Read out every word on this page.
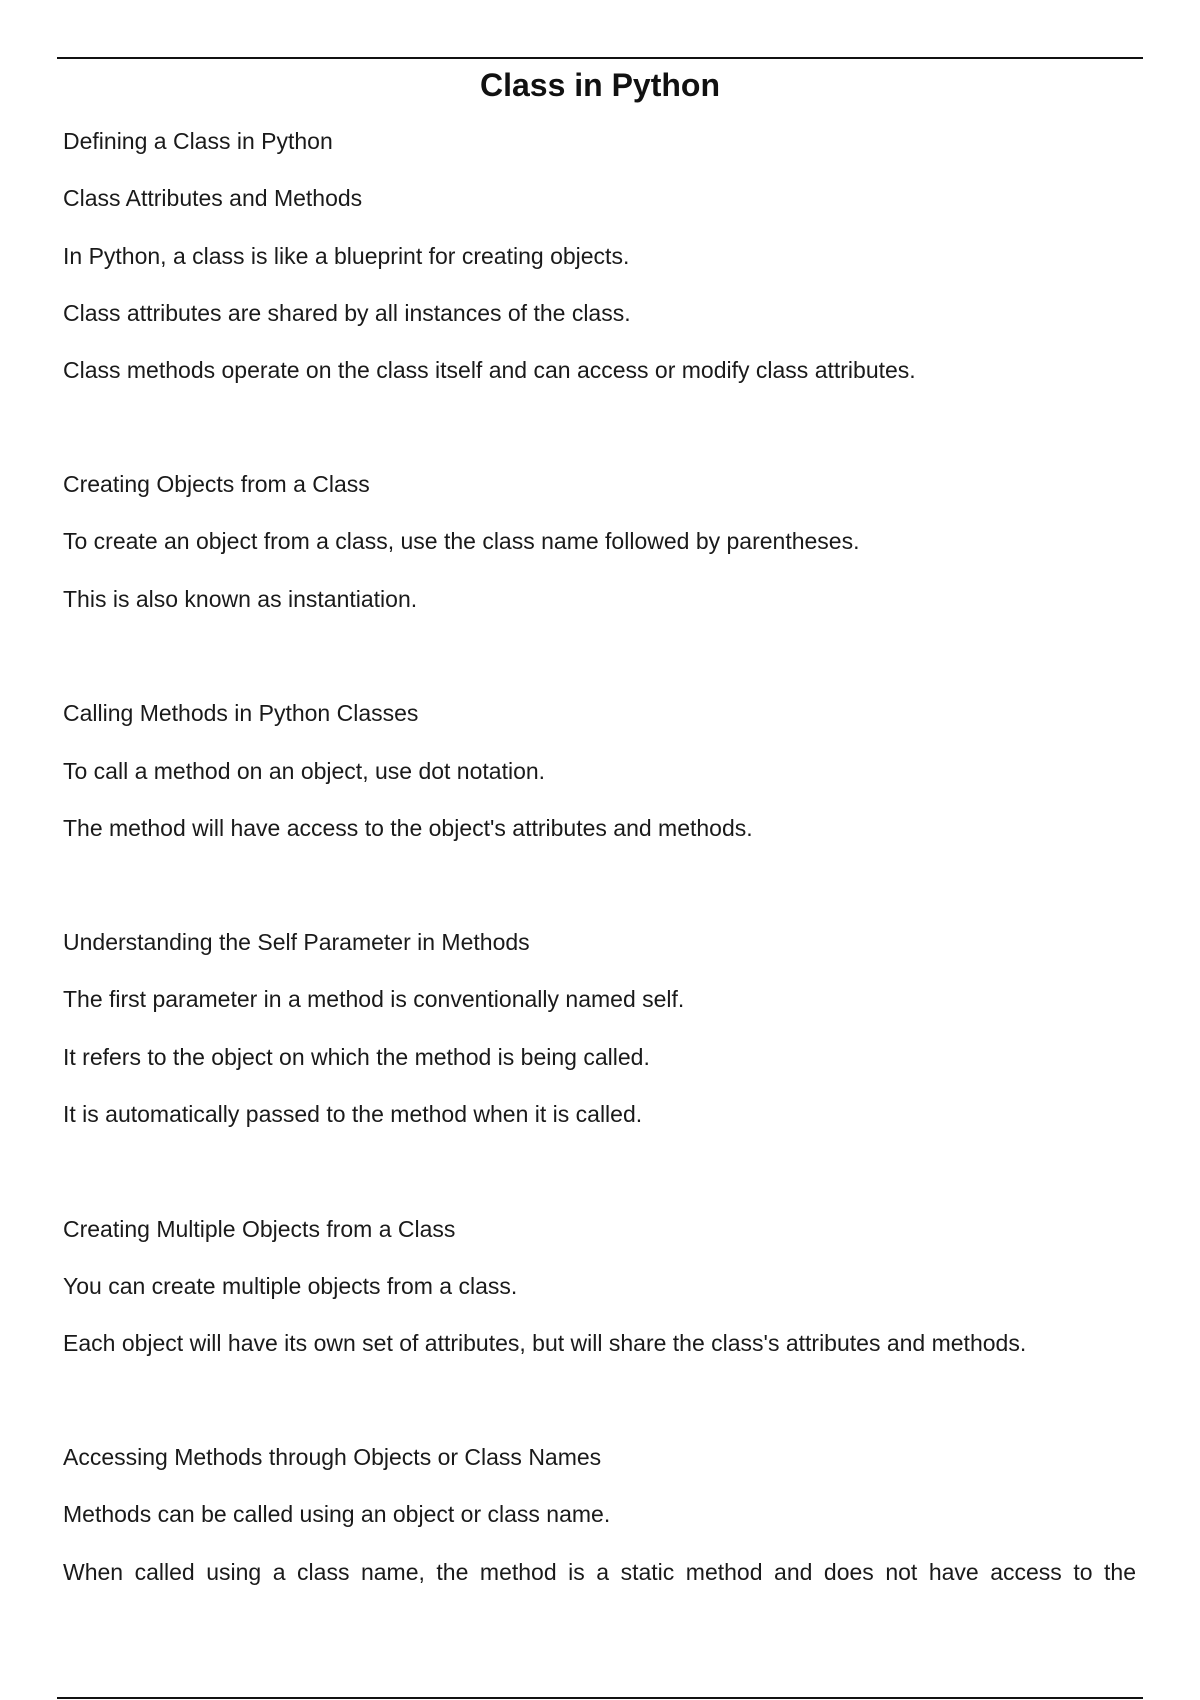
Class in Python

Defining a Class in Python

Class Attributes and Methods

In Python, a class is like a blueprint for creating objects.

Class attributes are shared by all instances of the class.

Class methods operate on the class itself and can access or modify class attributes.

Creating Objects from a Class

To create an object from a class, use the class name followed by parentheses.

This is also known as instantiation.

Calling Methods in Python Classes

To call a method on an object, use dot notation.

The method will have access to the object's attributes and methods.

Understanding the Self Parameter in Methods

The first parameter in a method is conventionally named self.

It refers to the object on which the method is being called.

It is automatically passed to the method when it is called.

Creating Multiple Objects from a Class

You can create multiple objects from a class.

Each object will have its own set of attributes, but will share the class's attributes and methods.

Accessing Methods through Objects or Class Names

Methods can be called using an object or class name.

When called using a class name, the method is a static method and does not have access to the
